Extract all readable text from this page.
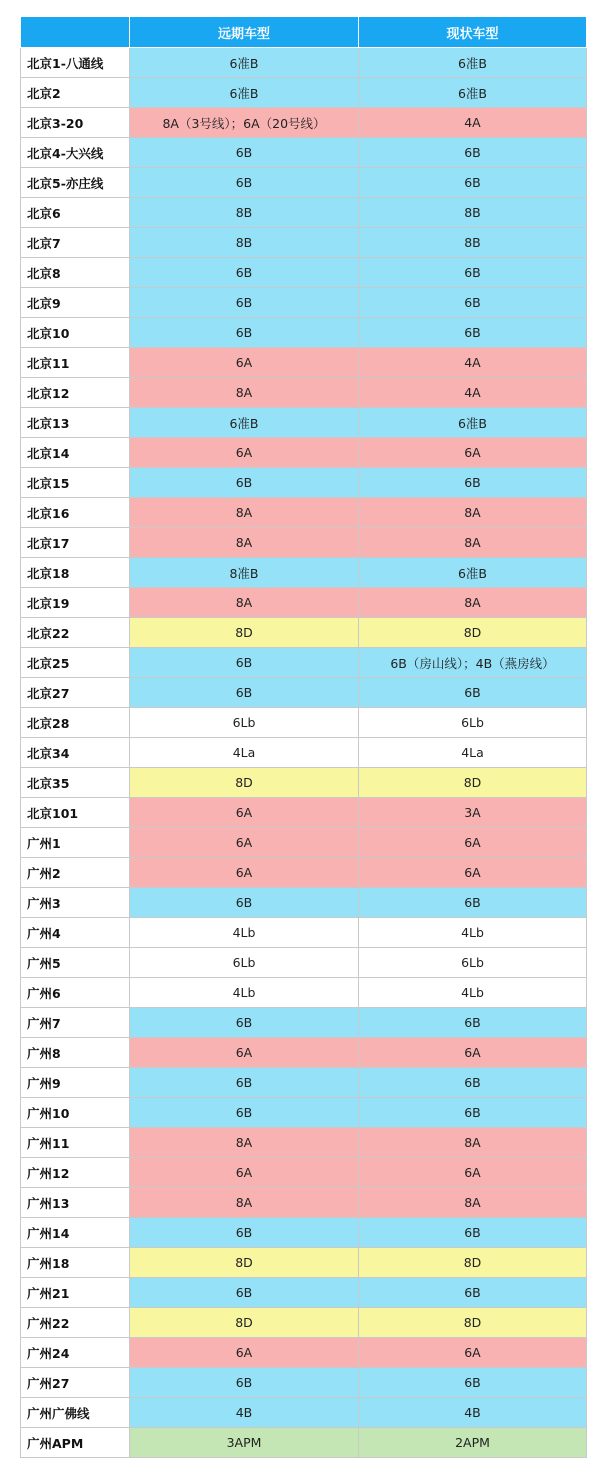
	远期车型	现状车型
北京1-八通线	6准B	6准B
北京2	6准B	6准B
北京3-20	8A（3号线）；6A（20号线）	4A
北京4-大兴线	6B	6B
北京5-亦庄线	6B	6B
北京6	8B	8B
北京7	8B	8B
北京8	6B	6B
北京9	6B	6B
北京10	6B	6B
北京11	6A	4A
北京12	8A	4A
北京13	6准B	6准B
北京14	6A	6A
北京15	6B	6B
北京16	8A	8A
北京17	8A	8A
北京18	8准B	6准B
北京19	8A	8A
北京22	8D	8D
北京25	6B	6B（房山线）；4B（燕房线）
北京27	6B	6B
北京28	6Lb	6Lb
北京34	4La	4La
北京35	8D	8D
北京101	6A	3A
广州1	6A	6A
广州2	6A	6A
广州3	6B	6B
广州4	4Lb	4Lb
广州5	6Lb	6Lb
广州6	4Lb	4Lb
广州7	6B	6B
广州8	6A	6A
广州9	6B	6B
广州10	6B	6B
广州11	8A	8A
广州12	6A	6A
广州13	8A	8A
广州14	6B	6B
广州18	8D	8D
广州21	6B	6B
广州22	8D	8D
广州24	6A	6A
广州27	6B	6B
广州广佛线	4B	4B
广州APM	3APM	2APM
